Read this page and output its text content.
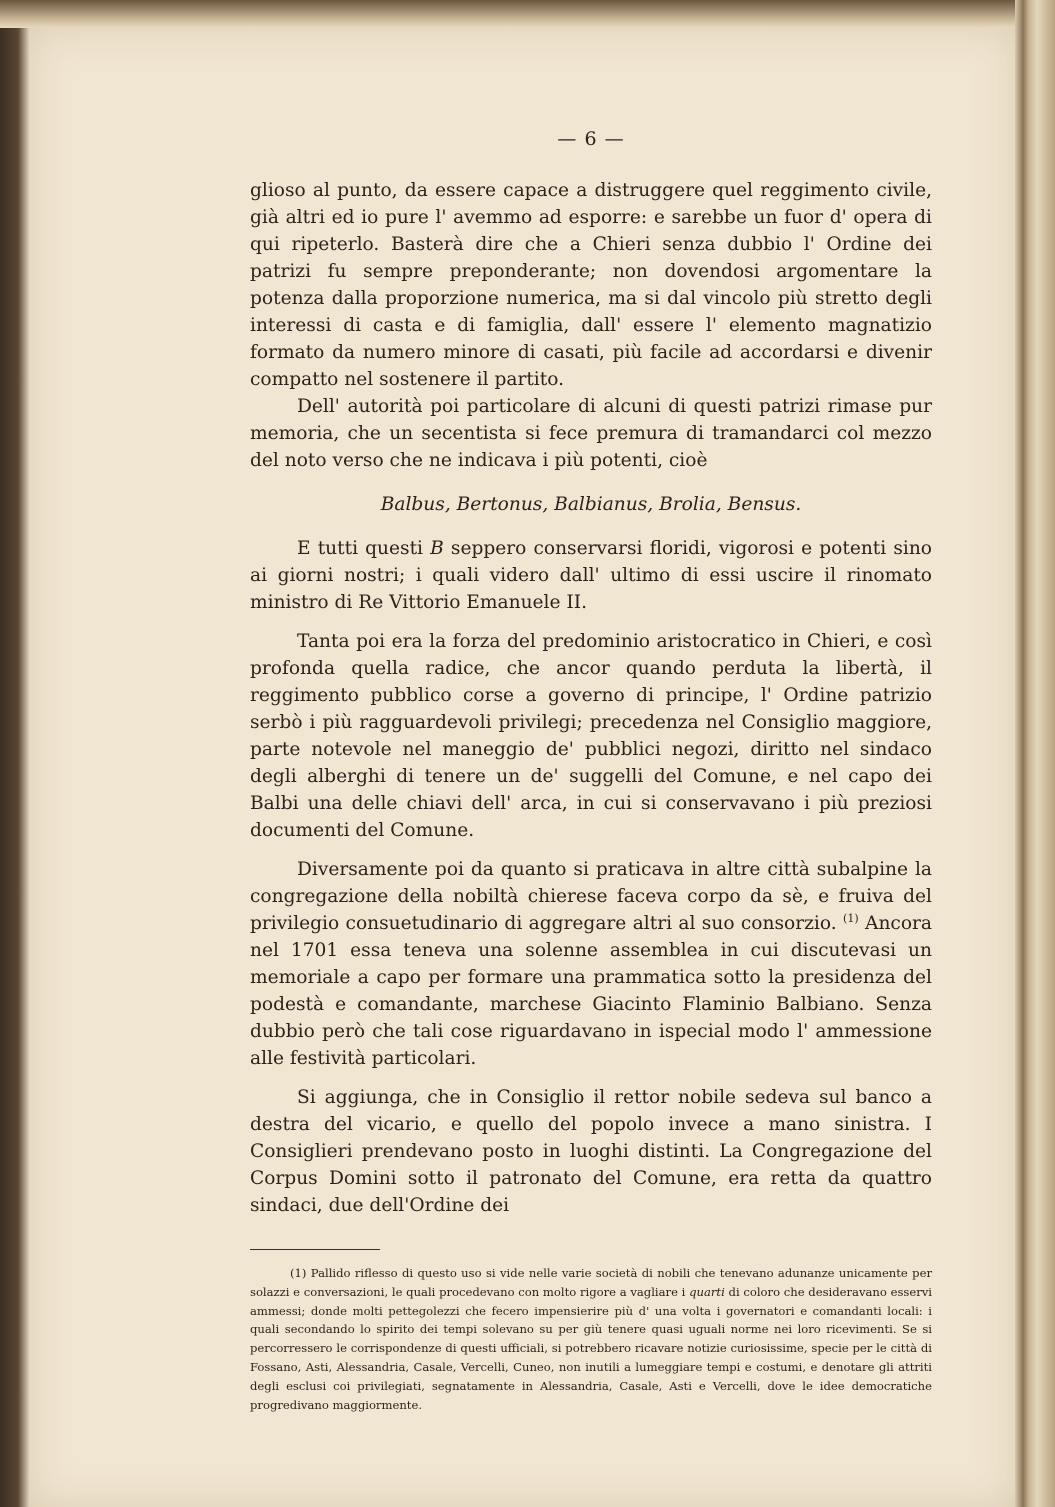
— 6 —

glioso al punto, da essere capace a distruggere quel reggimento civile, già altri ed io pure l' avemmo ad esporre: e sarebbe un fuor d' opera di qui ripeterlo. Basterà dire che a Chieri senza dubbio l' Ordine dei patrizi fu sempre preponderante; non dovendosi argomentare la potenza dalla proporzione numerica, ma si dal vincolo più stretto degli interessi di casta e di famiglia, dall' essere l' elemento magnatizio formato da numero minore di casati, più facile ad accordarsi e divenir compatto nel sostenere il partito.

Dell' autorità poi particolare di alcuni di questi patrizi rimase pur memoria, che un secentista si fece premura di tramandarci col mezzo del noto verso che ne indicava i più potenti, cioè

Balbus, Bertonus, Balbianus, Brolia, Bensus.

E tutti questi B seppero conservarsi floridi, vigorosi e potenti sino ai giorni nostri; i quali videro dall' ultimo di essi uscire il rinomato ministro di Re Vittorio Emanuele II.

Tanta poi era la forza del predominio aristocratico in Chieri, e così profonda quella radice, che ancor quando perduta la libertà, il reggimento pubblico corse a governo di principe, l' Ordine patrizio serbò i più ragguardevoli privilegi; precedenza nel Consiglio maggiore, parte notevole nel maneggio de' pubblici negozi, diritto nel sindaco degli alberghi di tenere un de' suggelli del Comune, e nel capo dei Balbi una delle chiavi dell' arca, in cui si conservavano i più preziosi documenti del Comune.

Diversamente poi da quanto si praticava in altre città subalpine la congregazione della nobiltà chierese faceva corpo da sè, e fruiva del privilegio consuetudinario di aggregare altri al suo consorzio. $^{(1)}$ Ancora nel 1701 essa teneva una solenne assemblea in cui discutevasi un memoriale a capo per formare una prammatica sotto la presidenza del podestà e comandante, marchese Giacinto Flaminio Balbiano. Senza dubbio però che tali cose riguardavano in ispecial modo l' ammessione alle festività particolari.

Si aggiunga, che in Consiglio il rettor nobile sedeva sul banco a destra del vicario, e quello del popolo invece a mano sinistra. I Consiglieri prendevano posto in luoghi distinti. La Congregazione del Corpus Domini sotto il patronato del Comune, era retta da quattro sindaci, due dell'Ordine dei

(1) Pallido riflesso di questo uso si vide nelle varie società di nobili che tenevano adunanze unicamente per solazzi e conversazioni, le quali procedevano con molto rigore a vagliare i quarti di coloro che desideravano esservi ammessi; donde molti pettegolezzi che fecero impensierire più d' una volta i governatori e comandanti locali: i quali secondando lo spirito dei tempi solevano su per giù tenere quasi uguali norme nei loro ricevimenti. Se si percorressero le corrispondenze di questi ufficiali, si potrebbero ricavare notizie curiosissime, specie per le città di Fossano, Asti, Alessandria, Casale, Vercelli, Cuneo, non inutili a lumeggiare tempi e costumi, e denotare gli attriti degli esclusi coi privilegiati, segnatamente in Alessandria, Casale, Asti e Vercelli, dove le idee democratiche progredivano maggiormente.
